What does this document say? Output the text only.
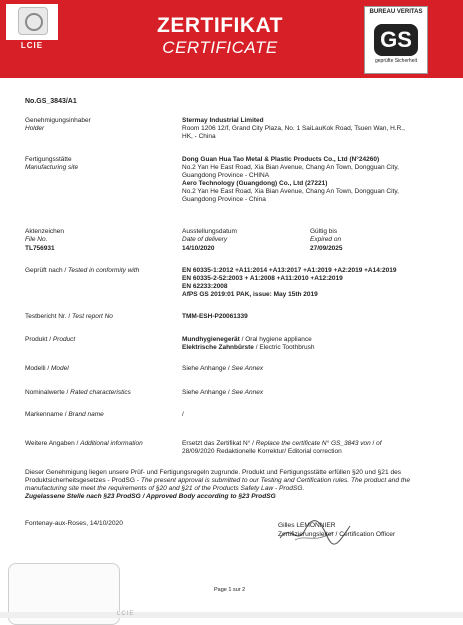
LCIE
ZERTIFIKAT
CERTIFICATE
BUREAU VERITAS
GS
geprüfte Sicherheit
No.GS_3843/A1
Genehmigungsinhaber
Holder
Stermay Industrial Limited
Room 1206 12/f, Grand City Plaza, No. 1 SaiLauKok Road, Tsuen Wan, H.R.,
HK, - China
Fertigungsstätte
Manufacturing site
Dong Guan Hua Tao Metal & Plastic Products Co., Ltd (N°24260)
No.2 Yan He East Road, Xia Bian Avenue, Chang An Town, Dongguan City,
Guangdong Province - CHINA
Aero Technology (Guangdong) Co., Ltd (27221)
No.2 Yan He East Road, Xia Bian Avenue, Chang An Town, Dongguan City,
Guangdong Province - China
Aktenzeichen
File No.
TL756931
Ausstellungsdatum
Date of delivery
14/10/2020
Gültig bis
Expired on
27/09/2025
Geprüft nach / Tested in conformity with	EN 60335-1:2012 +A11:2014 +A13:2017 +A1:2019 +A2:2019 +A14:2019
EN 60335-2-52:2003 + A1:2008 +A11:2010 +A12:2019
EN 62233:2008
AfPS GS 2019:01 PAK, issue: May 15th 2019
Testbericht Nr. / Test report No	TMM-ESH-P20061339
Produkt / Product	Mundhygienegerät / Oral hygiene appliance
Elektrische Zahnbürste / Electric Toothbrush
Modelli / Model	Siehe Anhange / See Annex
Nominalwerte / Rated characteristics	Siehe Anhange / See Annex
Markenname / Brand name	/
Weitere Angaben / Additional information	Ersetzt das Zertifikat N° / Replace the certificate N° GS_3843 von / of
28/09/2020 Redaktionelle Korrektur/ Editorial correction
Dieser Genehmigung liegen unsere Prüf- und Fertigungsregeln zugrunde. Produkt und Fertigungsstätte erfüllen §20 und §21 des
Produktsicherheitsgesetzes - ProdSG - The present approval is submitted to our Testing and Certification rules. The product and the
manufacturing site meet the requirements of §20 and §21 of the Products Safety Law - ProdSG.
Zugelassene Stelle nach §23 ProdSG / Approved Body according to §23 ProdSG
Fontenay-aux-Roses, 14/10/2020	Gilles LEMONNIER
Zertifizierungsleiter / Certification Officer
Page 1 sur 2
LCIE
